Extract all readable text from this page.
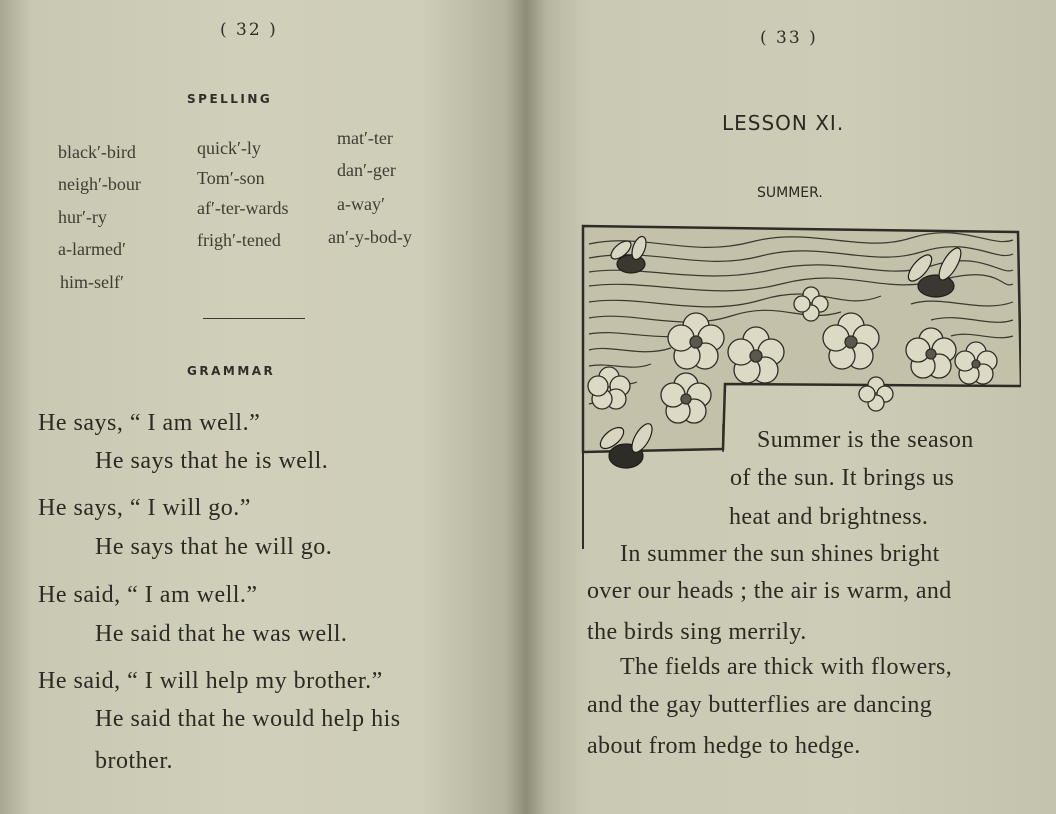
( 32 )
SPELLING
black′-bird	quick′-ly	mat′-ter
neigh′-bour	Tom′-son	dan′-ger
hur′-ry	af′-ter-wards	a-way′
a-larmed′	frigh′-tened	an′-y-bod-y
him-self′
GRAMMAR
He says, “ I am well.”
He says that he is well.
He says, “ I will go.”
He says that he will go.
He said, “ I am well.”
He said that he was well.
He said, “ I will help my brother.”
He said that he would help his
brother.
( 33 )
LESSON XI.
SUMMER.
Summer is the season
of the sun. It brings us
heat and brightness.
In summer the sun shines bright
over our heads ; the air is warm, and
the birds sing merrily.
The fields are thick with flowers,
and the gay butterflies are dancing
about from hedge to hedge.
